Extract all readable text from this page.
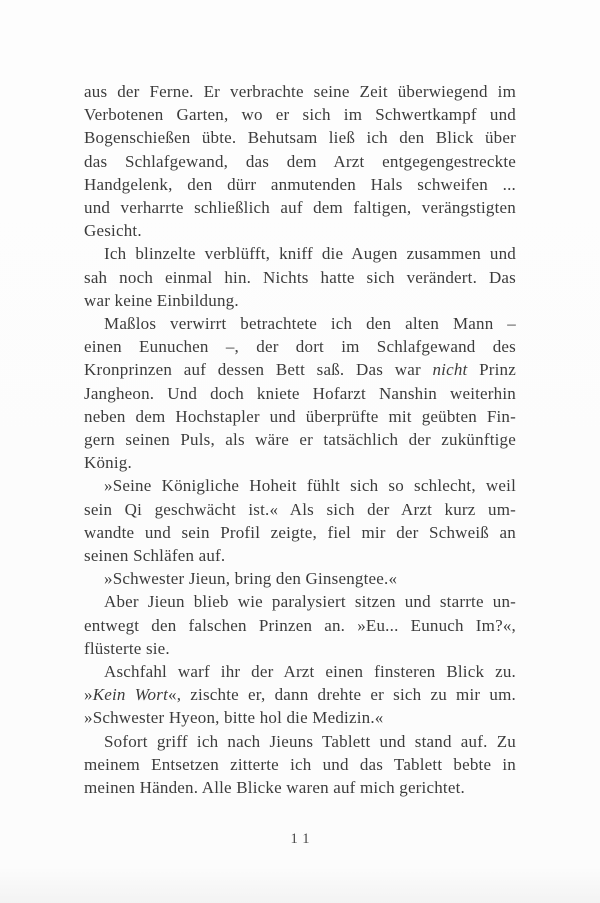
aus der Ferne. Er verbrachte seine Zeit überwiegend im
Verbotenen Garten, wo er sich im Schwertkampf und
Bogenschießen übte. Behutsam ließ ich den Blick über
das Schlafgewand, das dem Arzt entgegengestreckte
Handgelenk, den dürr anmutenden Hals schweifen ...
und verharrte schließlich auf dem faltigen, verängstigten
Gesicht.
Ich blinzelte verblüfft, kniff die Augen zusammen und
sah noch einmal hin. Nichts hatte sich verändert. Das
war keine Einbildung.
Maßlos verwirrt betrachtete ich den alten Mann –
einen Eunuchen –, der dort im Schlafgewand des
Kronprinzen auf dessen Bett saß. Das war nicht Prinz
Jangheon. Und doch kniete Hofarzt Nanshin weiterhin
neben dem Hochstapler und überprüfte mit geübten Fin-
gern seinen Puls, als wäre er tatsächlich der zukünftige
König.
»Seine Königliche Hoheit fühlt sich so schlecht, weil
sein Qi geschwächt ist.« Als sich der Arzt kurz um-
wandte und sein Profil zeigte, fiel mir der Schweiß an
seinen Schläfen auf.
»Schwester Jieun, bring den Ginsengtee.«
Aber Jieun blieb wie paralysiert sitzen und starrte un-
entwegt den falschen Prinzen an. »Eu... Eunuch Im?«,
flüsterte sie.
Aschfahl warf ihr der Arzt einen finsteren Blick zu.
»Kein Wort«, zischte er, dann drehte er sich zu mir um.
»Schwester Hyeon, bitte hol die Medizin.«
Sofort griff ich nach Jieuns Tablett und stand auf. Zu
meinem Entsetzen zitterte ich und das Tablett bebte in
meinen Händen. Alle Blicke waren auf mich gerichtet.
11
